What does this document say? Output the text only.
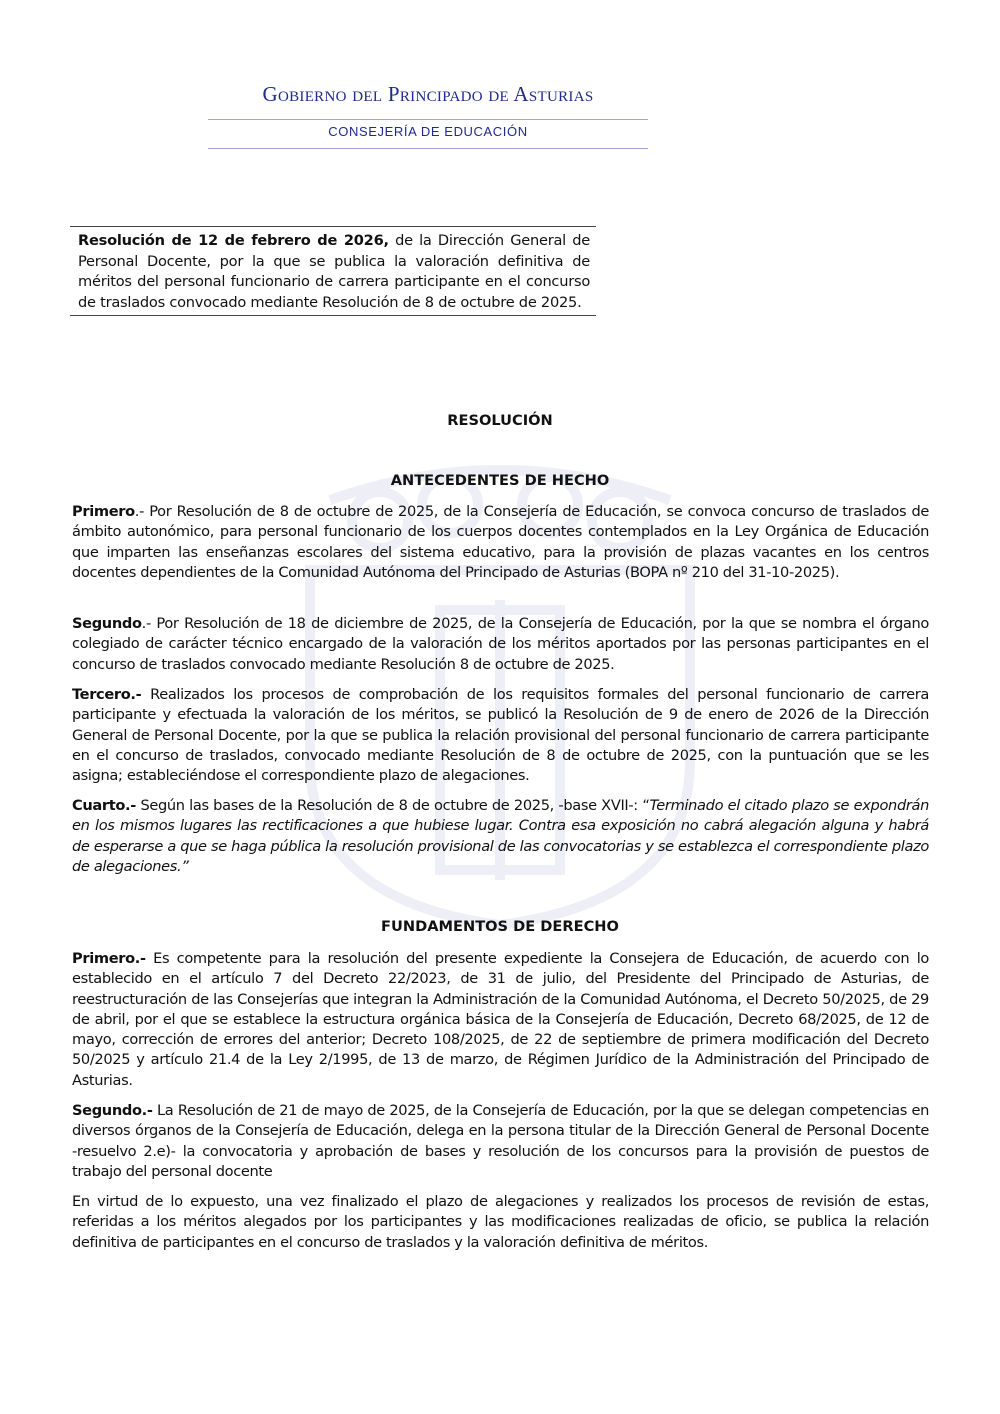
Gobierno del Principado de Asturias
CONSEJERÍA DE EDUCACIÓN
Resolución de 12 de febrero de 2026, de la Dirección General de Personal Docente, por la que se publica la valoración definitiva de méritos del personal funcionario de carrera participante en el concurso de traslados convocado mediante Resolución de 8 de octubre de 2025.
RESOLUCIÓN
ANTECEDENTES DE HECHO
Primero.- Por Resolución de 8 de octubre de 2025, de la Consejería de Educación, se convoca concurso de traslados de ámbito autonómico, para personal funcionario de los cuerpos docentes contemplados en la Ley Orgánica de Educación que imparten las enseñanzas escolares del sistema educativo, para la provisión de plazas vacantes en los centros docentes dependientes de la Comunidad Autónoma del Principado de Asturias (BOPA nº 210 del 31-10-2025).
Segundo.- Por Resolución de 18 de diciembre de 2025, de la Consejería de Educación, por la que se nombra el órgano colegiado de carácter técnico encargado de la valoración de los méritos aportados por las personas participantes en el concurso de traslados convocado mediante Resolución 8 de octubre de 2025.
Tercero.- Realizados los procesos de comprobación de los requisitos formales del personal funcionario de carrera participante y efectuada la valoración de los méritos, se publicó la Resolución de 9 de enero de 2026 de la Dirección General de Personal Docente, por la que se publica la relación provisional del personal funcionario de carrera participante en el concurso de traslados, convocado mediante Resolución de 8 de octubre de 2025, con la puntuación que se les asigna; estableciéndose el correspondiente plazo de alegaciones.
Cuarto.- Según las bases de la Resolución de 8 de octubre de 2025, -base XVII-: “Terminado el citado plazo se expondrán en los mismos lugares las rectificaciones a que hubiese lugar. Contra esa exposición no cabrá alegación alguna y habrá de esperarse a que se haga pública la resolución provisional de las convocatorias y se establezca el correspondiente plazo de alegaciones.”
FUNDAMENTOS DE DERECHO
Primero.- Es competente para la resolución del presente expediente la Consejera de Educación, de acuerdo con lo establecido en el artículo 7 del Decreto 22/2023, de 31 de julio, del Presidente del Principado de Asturias, de reestructuración de las Consejerías que integran la Administración de la Comunidad Autónoma, el Decreto 50/2025, de 29 de abril, por el que se establece la estructura orgánica básica de la Consejería de Educación, Decreto 68/2025, de 12 de mayo, corrección de errores del anterior; Decreto 108/2025, de 22 de septiembre de primera modificación del Decreto 50/2025 y artículo 21.4 de la Ley 2/1995, de 13 de marzo, de Régimen Jurídico de la Administración del Principado de Asturias.
Segundo.- La Resolución de 21 de mayo de 2025, de la Consejería de Educación, por la que se delegan competencias en diversos órganos de la Consejería de Educación, delega en la persona titular de la Dirección General de Personal Docente -resuelvo 2.e)- la convocatoria y aprobación de bases y resolución de los concursos para la provisión de puestos de trabajo del personal docente
En virtud de lo expuesto, una vez finalizado el plazo de alegaciones y realizados los procesos de revisión de estas, referidas a los méritos alegados por los participantes y las modificaciones realizadas de oficio, se publica la relación definitiva de participantes en el concurso de traslados y la valoración definitiva de méritos.
